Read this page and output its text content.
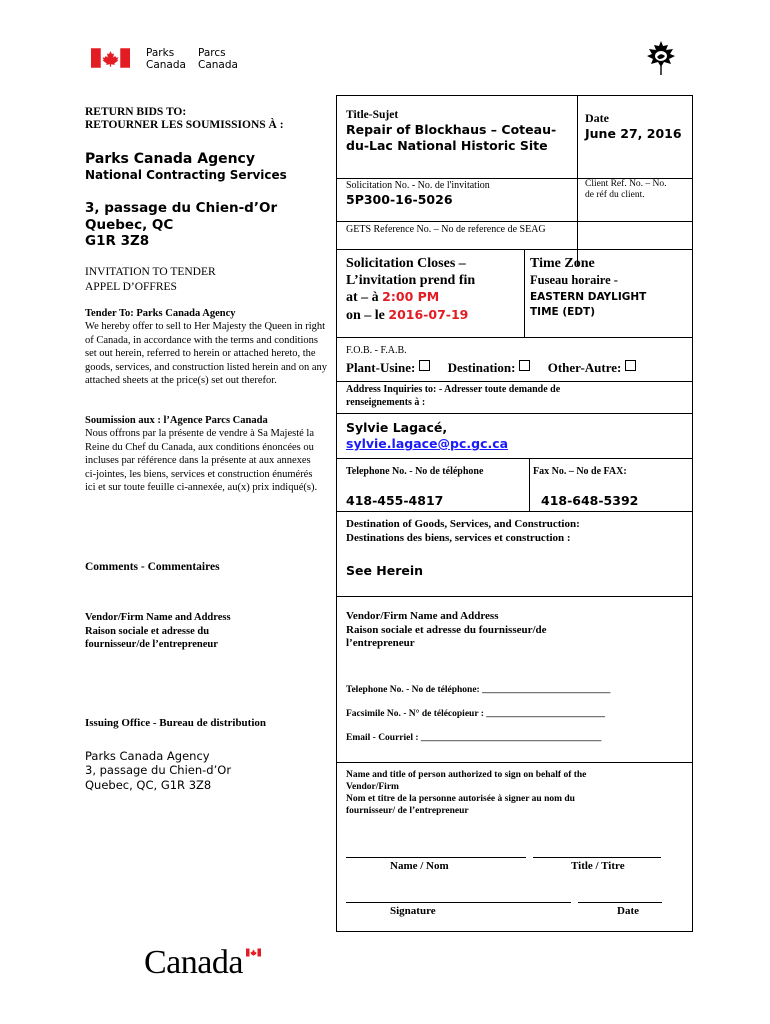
Parks
Canada
Parcs
Canada
RETURN BIDS TO:
RETOURNER LES SOUMISSIONS À :
Parks Canada Agency
National Contracting Services
3, passage du Chien-d’Or
Quebec, QC
G1R 3Z8
INVITATION TO TENDER
APPEL D’OFFRES
Tender To: Parks Canada Agency
We hereby offer to sell to Her Majesty the Queen in right of Canada, in accordance with the terms and conditions set out herein, referred to herein or attached hereto, the goods, services, and construction listed herein and on any attached sheets at the price(s) set out therefor.
Soumission aux : l’Agence Parcs Canada
Nous offrons par la présente de vendre à Sa Majesté la Reine du Chef du Canada, aux conditions énoncées ou incluses par référence dans la présente at aux annexes ci-jointes, les biens, services et construction énumérés ici et sur toute feuille ci-annexée, au(x) prix indiqué(s).
Comments - Commentaires
Vendor/Firm Name and Address
Raison sociale et adresse du
fournisseur/de l’entrepreneur
Issuing Office - Bureau de distribution
Parks Canada Agency
3, passage du Chien-d’Or
Quebec, QC, G1R 3Z8
Title-Sujet
Repair of Blockhaus – Coteau-
du-Lac National Historic Site
Date
June 27, 2016
Solicitation No. - No. de l'invitation
5P300-16-5026
Client Ref. No. – No.
de réf du client.
GETS Reference No. – No de reference de SEAG
Solicitation Closes –
L’invitation prend fin
at – à 2:00 PM
on – le 2016-07-19
Time Zone
Fuseau horaire -
EASTERN DAYLIGHT
TIME (EDT)
F.O.B. - F.A.B.
Plant-Usine: Destination: Other-Autre:
Address Inquiries to: - Adresser toute demande de
renseignements à :
Sylvie Lagacé,
sylvie.lagace@pc.gc.ca
Telephone No. - No de téléphone	Fax No. – No de FAX:
418-455-4817	418-648-5392
Destination of Goods, Services, and Construction:
Destinations des biens, services et construction :
See Herein
Vendor/Firm Name and Address
Raison sociale et adresse du fournisseur/de
l’entrepreneur
Telephone No. - No de téléphone: ___________________________
Facsimile No. - N° de télécopieur : _________________________
Email - Courriel : ______________________________________
Name and title of person authorized to sign on behalf of the
Vendor/Firm
Nom et titre de la personne autorisée à signer au nom du
fournisseur/ de l’entrepreneur
Name / Nom	Title / Titre
Signature	Date
Canada
